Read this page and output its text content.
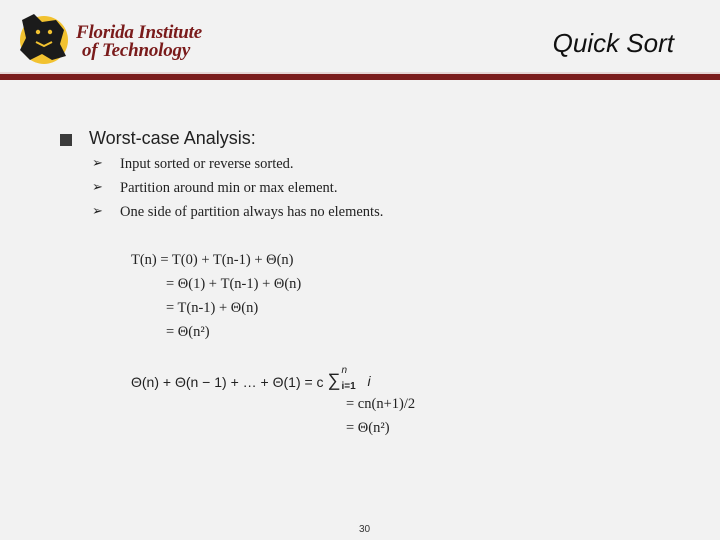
Florida Institute
of Technology	Quick Sort
Worst-case Analysis:
➢ Input sorted or reverse sorted.
➢ Partition around min or max element.
➢ One side of partition always has no elements.
T(n) = T(0) + T(n-1) + Θ(n)
= Θ(1) + T(n-1) + Θ(n)
= T(n-1) + Θ(n)
= Θ(n²)
Θ(n) + Θ(n − 1) + … + Θ(1) = c ∑ n
i=1 i
= cn(n+1)/2
= Θ(n²)
30
